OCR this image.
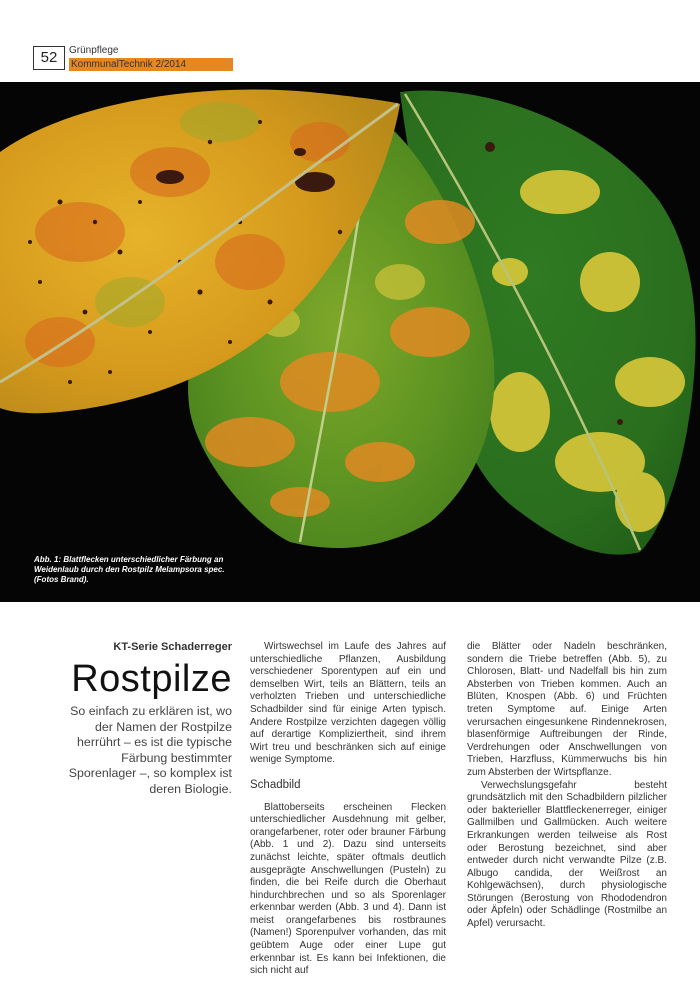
52	Grünpflege
KommunalTechnik 2/2014
Abb. 1: Blattflecken unterschiedlicher Färbung an Weidenlaub durch den Rostpilz Melampsora spec. (Fotos Brand).
KT-Serie Schaderreger
Rostpilze
So einfach zu erklären ist, wo der Namen der Rostpilze herrührt – es ist die typische Färbung bestimmter Sporenlager –, so komplex ist deren Biologie.

Wirtswechsel im Laufe des Jahres auf unterschiedliche Pflanzen, Ausbildung verschiedener Sporentypen auf ein und demselben Wirt, teils an Blättern, teils an verholzten Trieben und unterschiedliche Schadbilder sind für einige Arten typisch. Andere Rostpilze verzichten dagegen völlig auf derartige Kompliziertheit, sind ihrem Wirt treu und beschränken sich auf einige wenige Symptome.

Schadbild

Blattoberseits erscheinen Flecken unterschiedlicher Ausdehnung mit gelber, orangefarbener, roter oder brauner Färbung (Abb. 1 und 2). Dazu sind unterseits zunächst leichte, später oftmals deutlich ausgeprägte Anschwellungen (Pusteln) zu finden, die bei Reife durch die Oberhaut hindurchbrechen und so als Sporenlager erkennbar werden (Abb. 3 und 4). Dann ist meist orangefarbenes bis rostbraunes (Namen!) Sporenpulver vorhanden, das mit geübtem Auge oder einer Lupe gut erkennbar ist. Es kann bei Infektionen, die sich nicht auf

die Blätter oder Nadeln beschränken, sondern die Triebe betreffen (Abb. 5), zu Chlorosen, Blatt- und Nadelfall bis hin zum Absterben von Trieben kommen. Auch an Blüten, Knospen (Abb. 6) und Früchten treten Symptome auf. Einige Arten verursachen eingesunkene Rindennekrosen, blasenförmige Auftreibungen der Rinde, Verdrehungen oder Anschwellungen von Trieben, Harzfluss, Kümmerwuchs bis hin zum Absterben der Wirtspflanze.

Verwechslungsgefahr besteht grundsätzlich mit den Schadbildern pilzlicher oder bakterieller Blattfleckenerreger, einiger Gallmilben und Gallmücken. Auch weitere Erkrankungen werden teilweise als Rost oder Berostung bezeichnet, sind aber entweder durch nicht verwandte Pilze (z.B. Albugo candida, der Weißrost an Kohlgewächsen), durch physiologische Störungen (Berostung von Rhododendron oder Äpfeln) oder Schädlinge (Rostmilbe an Apfel) verursacht.
